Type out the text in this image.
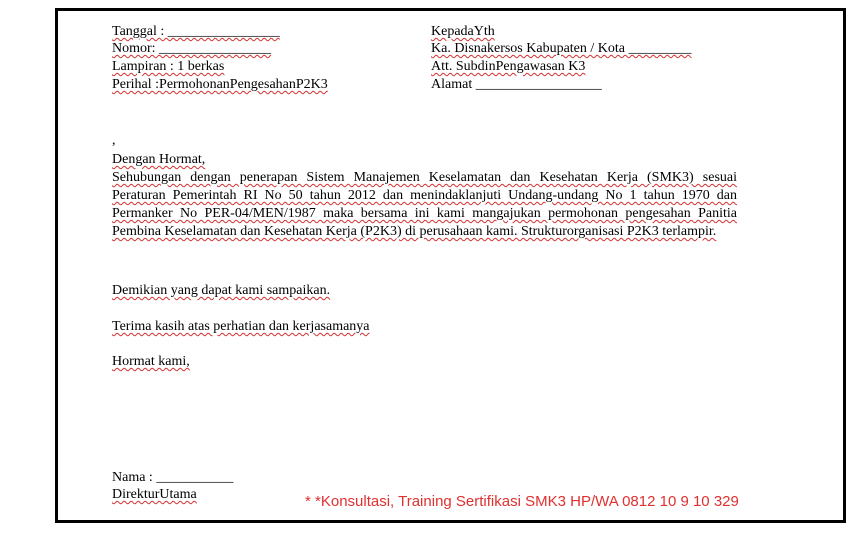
Tanggal : ________________
Nomor: ________________
Lampiran : 1 berkas
Perihal :PermohonanPengesahanP2K3
KepadaYth
Ka. Disnakersos Kabupaten / Kota _________
Att. SubdinPengawasan K3
Alamat __________________
,
Dengan Hormat,

Sehubungan dengan penerapan Sistem Manajemen Keselamatan dan Kesehatan Kerja (SMK3) sesuai Peraturan Pemerintah RI No 50 tahun 2012 dan menindaklanjuti Undang-undang No 1 tahun 1970 dan Permanker No PER-04/MEN/1987 maka bersama ini kami mangajukan permohonan pengesahan Panitia Pembina Keselamatan dan Kesehatan Kerja (P2K3) di perusahaan kami. Strukturorganisasi P2K3 terlampir.

Demikian yang dapat kami sampaikan.
Terima kasih atas perhatian dan kerjasamanya
Hormat kami,
Nama : ___________
DirekturUtama	* *Konsultasi, Training Sertifikasi SMK3 HP/WA 0812 10 9 10 329
